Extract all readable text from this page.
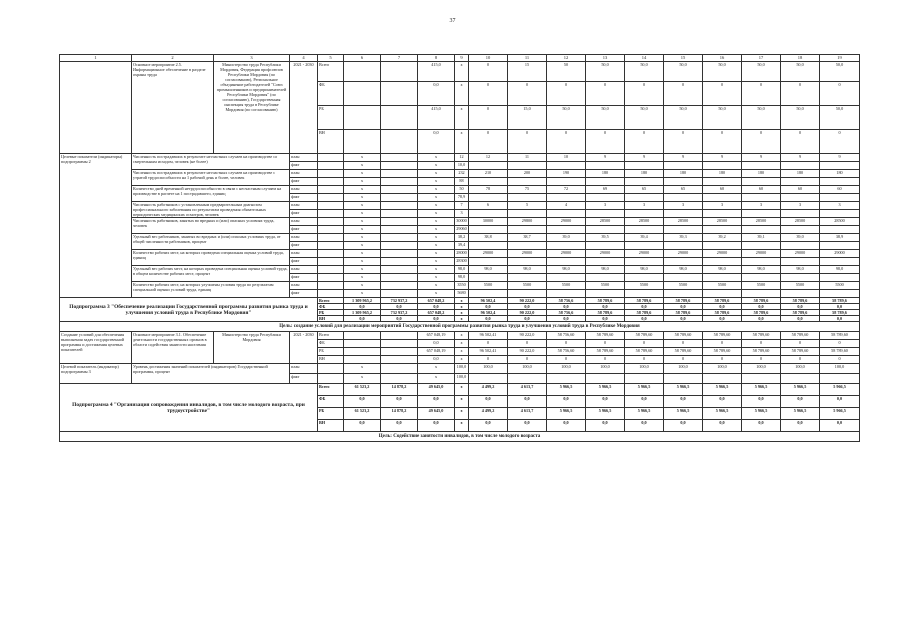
37
1	2	3	4	5	6	7	8	9	10	11	12	13	14	15	16	17	18	19
	Основное мероприятие 2.5. Информационное обеспечение в разделе охраны труда	Министерство труда Республики Мордовия, Федерация профсоюзов Республики Мордовия (по согласованию), Региональное объединение работодателей "Союз промышленников и предпринимателей Республики Мордовия" (по согласованию), Государственная инспекция труда в Республике Мордовия (по согласованию)	2021 - 2030	Всего			415,0	х	0	15	50	50,0	50,0	50,0	50,0	50,0	50,0	50,0
				ФБ			0,0	х	0	0	0	0	0	0	0	0	0	0
				РБ			415,0	х	0	15,0	50,0	50,0	50,0	50,0	50,0	50,0	50,0	50,0
				ВН			0,0	х	0	0	0	0	0	0	0	0	0	0
Целевые показатели (индикаторы) подпрограммы 2	Численность пострадавших в результате несчастных случаев на производстве со смертельным исходом, человек (не более)		план		х		х	12	12	11	10	9	9	9	9	9	9	9
			факт		х		х	10,0										
	Численность пострадавших в результате несчастных случаев на производстве с утратой трудоспособности на 1 рабочий день и более, человек		план		х		х	232	210	200	190	180	180	180	180	180	180	180
			факт		х		х	88										
	Количество дней временной нетрудоспособности в связи с несчастным случаем на производстве в расчете на 1 пострадавшего, единиц		план		х		х	50	78	75	72	69	65	65	60	60	60	60
			факт		х		х	78,9										
	Численность работников с установленным предварительным диагнозом профессионального заболевания по результатам проведения обязательных периодических медицинских осмотров, человек		план		х		х	7	6	5	4	3	3	3	3	3	3	3
			факт		х		х	3										
	Численность работников, занятых во вредных и (или) опасных условиях труда, человек		план		х		х	30000	30000	29800	29000	28500	28500	28500	28500	28500	28500	28500
			факт		х		х	29060										
	Удельный вес работников, занятых во вредных и (или) опасных условиях труда, от общей численности работников, процент		план		х		х	38,2	38,8	38,7	39,0	39,5	39,4	39,3	39,2	39,1	39,0	38,9
			факт		х		х	39,4										
	Количество рабочих мест, на которых проведена специальная оценка условий труда, единиц		план		х		х	28000	29000	29000	29000	29000	29000	29000	29000	29000	29000	29000
			факт		х		х	28300										
	Удельный вес рабочих мест, на которых проведена специальная оценка условий труда, в общем количестве рабочих мест, процент		план		х		х	98,0	98,0	98,0	98,0	98,0	98,0	98,0	98,0	98,0	98,0	98,0
			факт		х		х	98,0										
	Количество рабочих мест, на которых улучшены условия труда по результатам специальной оценки условий труда, единиц		план		х		х	3550	5500	5500	5500	5500	5500	5500	5500	5500	5500	5500
			факт		х		х	5680										
Подпрограмма 3 "Обеспечение реализации Государственной программы развития рынка труда и улучшения условий труда в Республике Мордовия"				Всего	1 309 965,2	732 937,2	657 048,2	х	96 502,4	90 222,0	58 756,6	58 789,6	58 789,6	58 789,6	58 789,6	58 789,6	58 789,6	58 789,6
				ФБ	0,0	0,0	0,0	х	0,0	0,0	0,0	0,0	0,0	0,0	0,0	0,0	0,0	0,0
				РБ	1 309 965,2	732 937,2	657 048,2	х	96 502,4	90 222,0	58 756,6	58 789,6	58 789,6	58 789,6	58 789,6	58 789,6	58 789,6	58 789,6
				ВН	0,0	0,0	0,0	х	0,0	0,0	0,0	0,0	0,0	0,0	0,0	0,0	0,0	0,0
Цель: создание условий для реализации мероприятий Государственной программы развития рынка труда и улучшения условий труда в Республике Мордовия																		
Создание условий для обеспечения выполнения задач государственной программы и достижения целевых показателей	Основное мероприятие 3.1. Обеспечение деятельности государственных органов в области содействия занятости населения	Министерство труда Республики Мордовия	2021 - 2030	Всего			657 048,19	х	96 502,41	90 222,0	58 756,60	58 789,60	58 789,60	58 789,60	58 789,60	58 789,60	58 789,60	58 789,60
				ФБ			0,0	х	0	0	0	0	0	0	0	0	0	0
				РБ			657 048,19	х	96 502,41	90 222,0	58 756,60	58 789,60	58 789,60	58 789,60	58 789,60	58 789,60	58 789,60	58 789,60
				ВН			0,0	х	0	0	0	0	0	0	0	0	0	0
Целевой показатель (индикатор) подпрограммы 3	Уровень достижения значений показателей (индикаторов) Государственной программы, процент		план		х		х	100,0	100,0	100,0	100,0	100,0	100,0	100,0	100,0	100,0	100,0	100,0
			факт		х		х	100,0										
Подпрограмма 4 "Организация сопровождения инвалидов, в том числе молодого возраста, при трудоустройстве"				Всего	61 523,2	14 878,2	49 645,0	х	4 499,2	4 613,7	5 966,5	5 966,5	5 966,5	5 966,5	5 966,5	5 966,5	5 966,5	5 966,5
				ФБ	0,0	0,0	0,0	х	0,0	0,0	0,0	0,0	0,0	0,0	0,0	0,0	0,0	0,0
				РБ	61 523,2	14 878,2	49 645,0	х	4 499,2	4 613,7	5 966,5	5 966,5	5 966,5	5 966,5	5 966,5	5 966,5	5 966,5	5 966,5
				ВН	0,0	0,0	0,0	х	0,0	0,0	0,0	0,0	0,0	0,0	0,0	0,0	0,0	0,0
Цель: Содействие занятости инвалидов, в том числе молодого возраста																		
